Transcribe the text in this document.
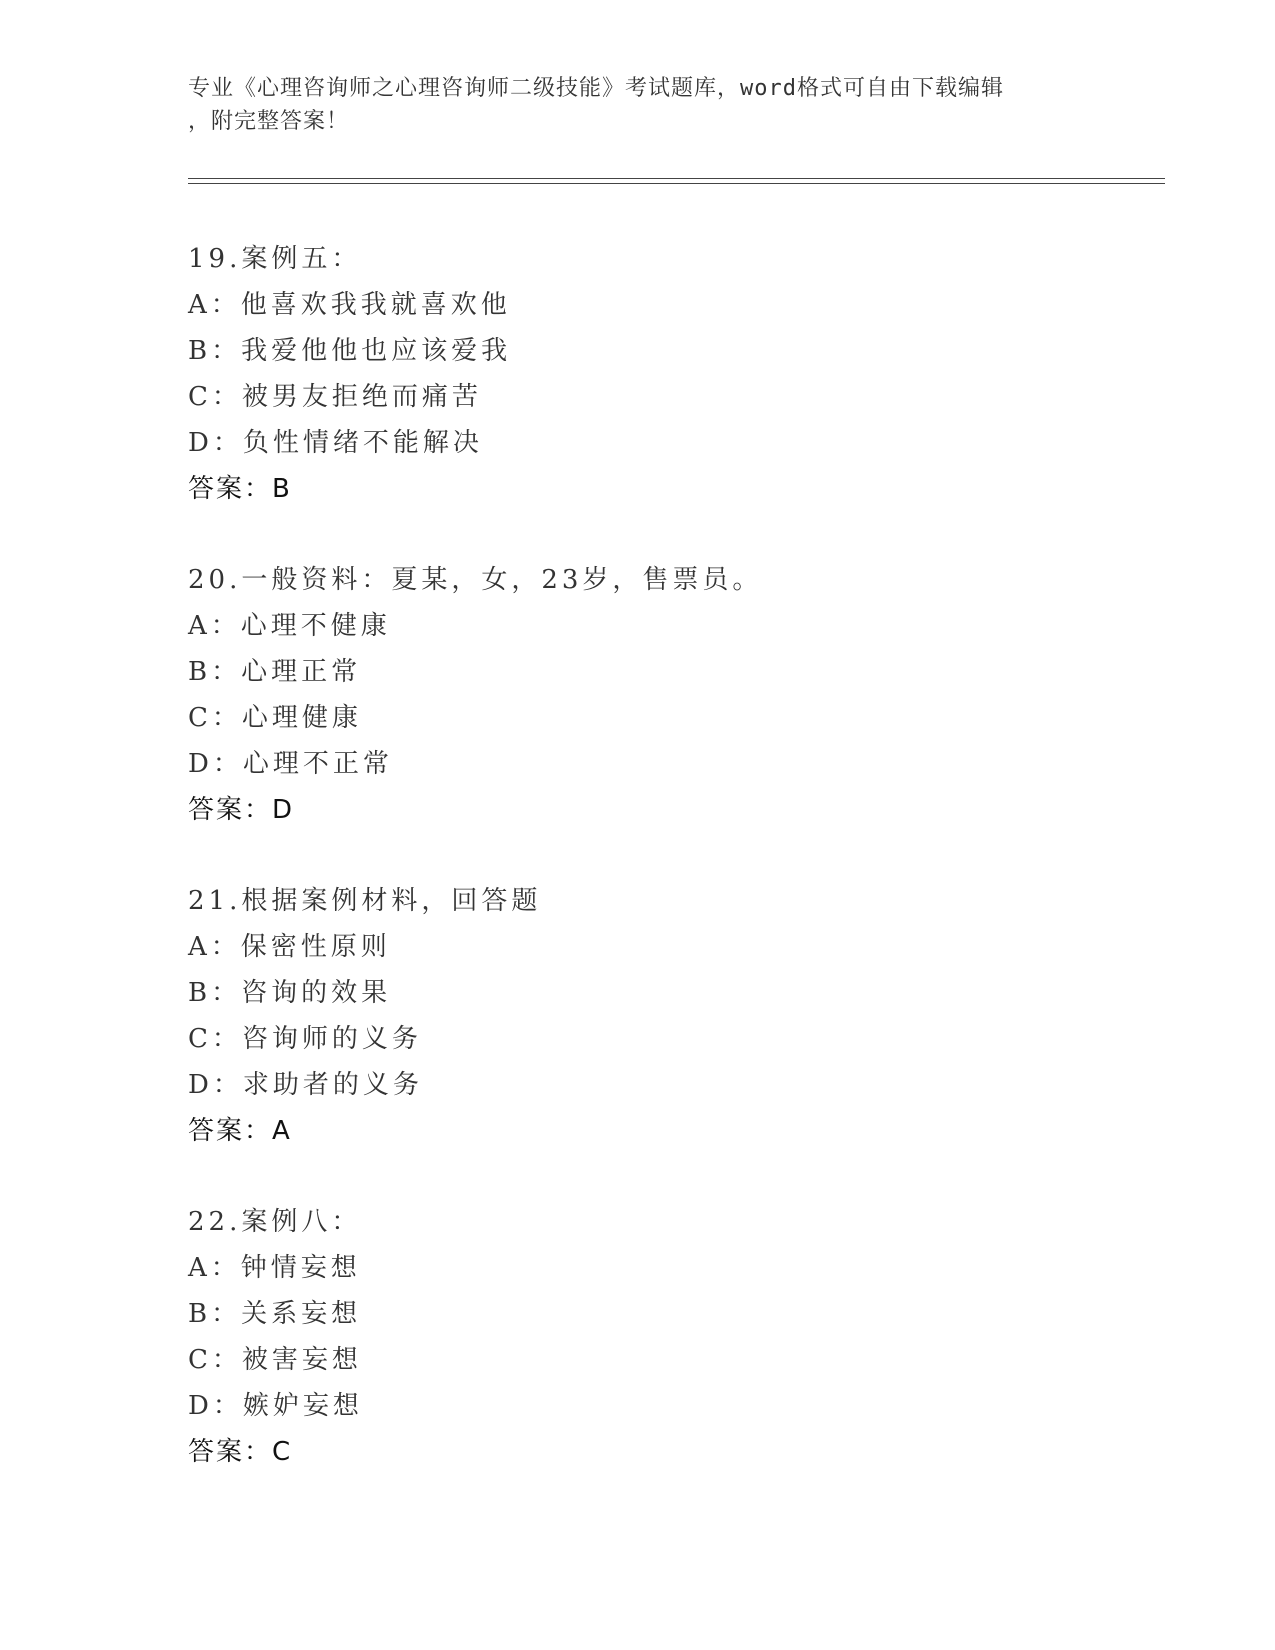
专业《心理咨询师之心理咨询师二级技能》考试题库，word格式可自由下载编辑
，附完整答案！
19.案例五：
A：他喜欢我我就喜欢他
B：我爱他他也应该爱我
C：被男友拒绝而痛苦
D：负性情绪不能解决
答案：B
20.一般资料：夏某，女，23岁，售票员。
A：心理不健康
B：心理正常
C：心理健康
D：心理不正常
答案：D
21.根据案例材料，回答题
A：保密性原则
B：咨询的效果
C：咨询师的义务
D：求助者的义务
答案：A
22.案例八：
A：钟情妄想
B：关系妄想
C：被害妄想
D：嫉妒妄想
答案：C
